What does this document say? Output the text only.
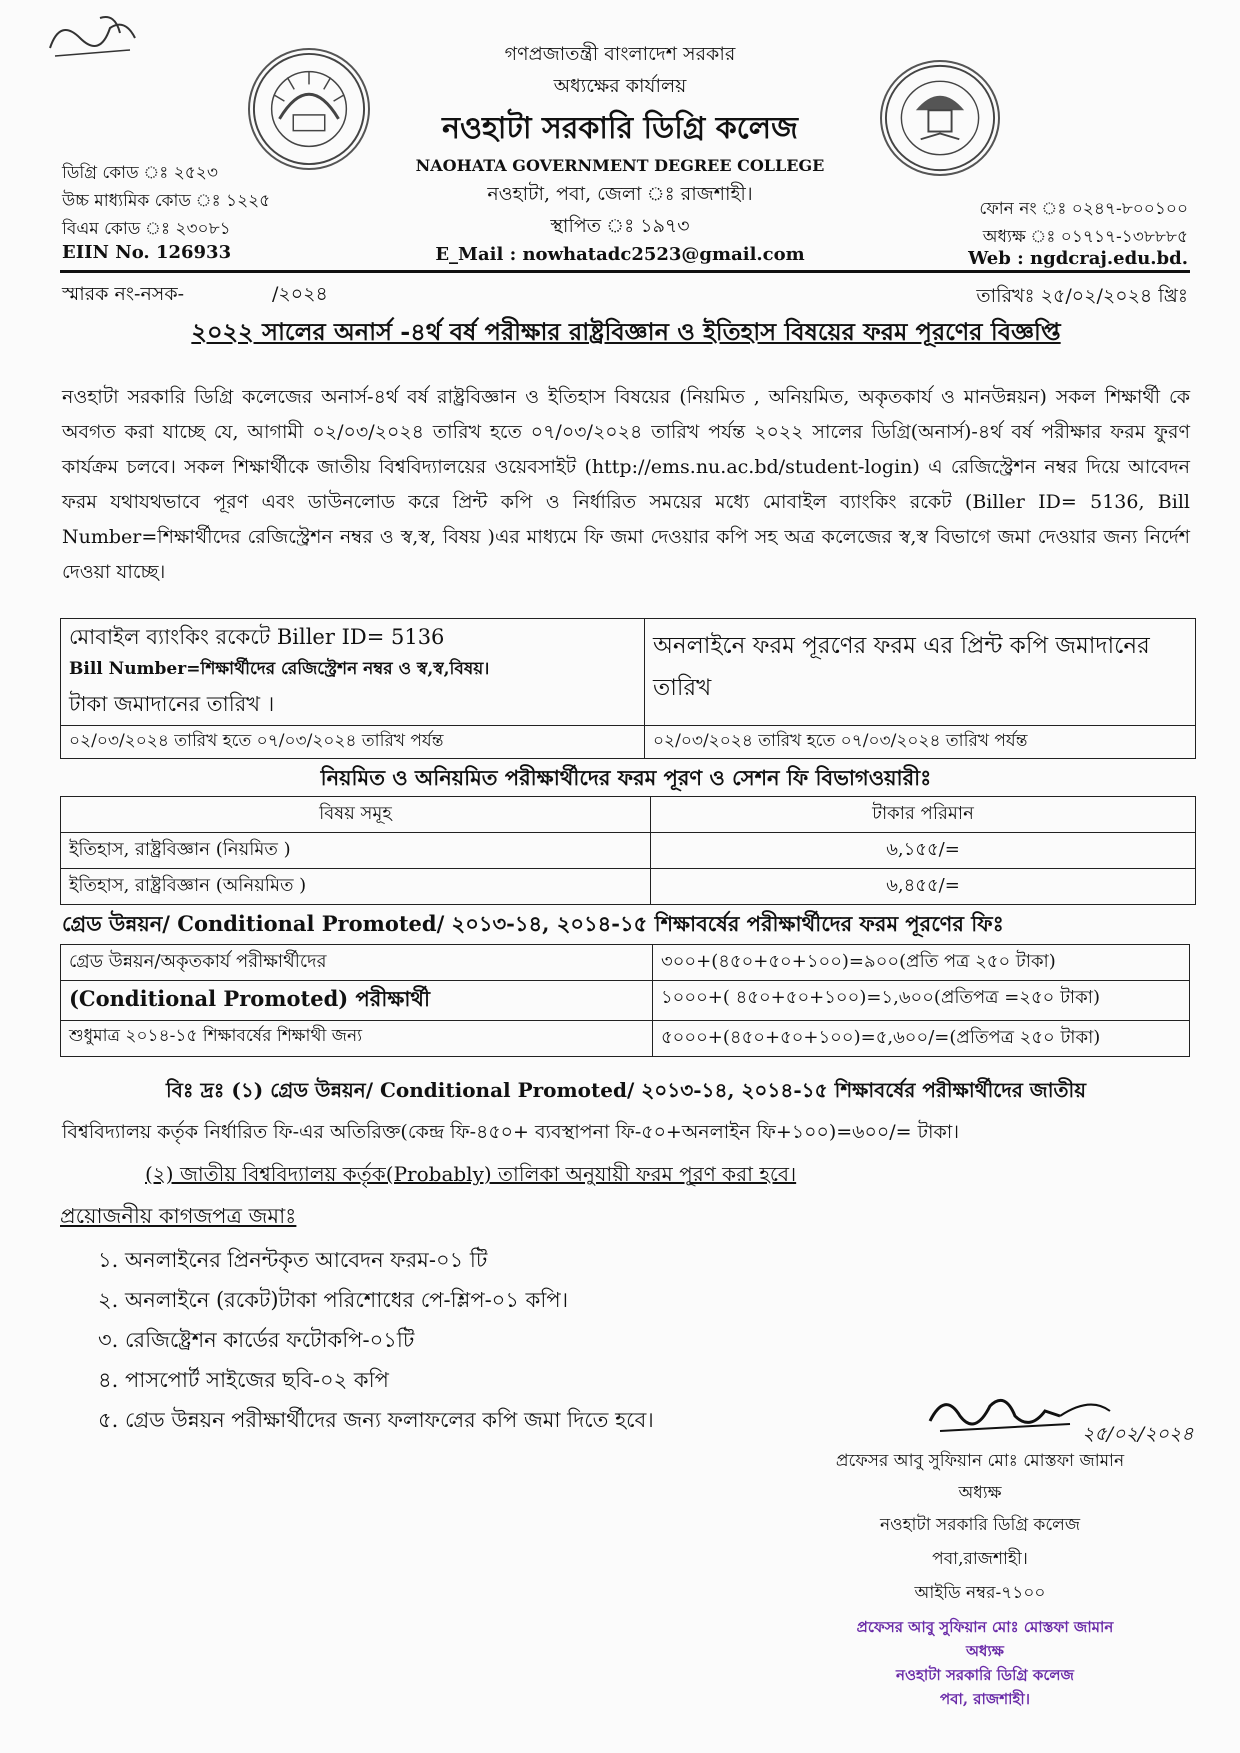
গণপ্রজাতন্ত্রী বাংলাদেশ সরকার
অধ্যক্ষের কার্যালয়
নওহাটা সরকারি ডিগ্রি কলেজ
NAOHATA GOVERNMENT DEGREE COLLEGE
নওহাটা, পবা, জেলা ঃ রাজশাহী।
স্থাপিত ঃ ১৯৭৩
E_Mail : nowhatadc2523@gmail.com
ডিগ্রি কোড ঃ ২৫২৩
উচ্চ মাধ্যমিক কোড ঃ ১২২৫
বিএম কোড ঃ ২৩০৮১
EIIN No. 126933
ফোন নং ঃ ০২৪৭-৮০০১০০
অধ্যক্ষ ঃ ০১৭১৭-১৩৮৮৮৫
Web : ngdcraj.edu.bd.
স্মারক নং-নসক-	/২০২৪	তারিখঃ ২৫/০২/২০২৪ খ্রিঃ
২০২২ সালের অনার্স -৪র্থ বর্ষ পরীক্ষার রাষ্ট্রবিজ্ঞান ও ইতিহাস বিষয়ের ফরম পূরণের বিজ্ঞপ্তি
নওহাটা সরকারি ডিগ্রি কলেজের অনার্স-৪র্থ বর্ষ রাষ্ট্রবিজ্ঞান ও ইতিহাস বিষয়ের (নিয়মিত , অনিয়মিত, অকৃতকার্য ও মানউন্নয়ন) সকল শিক্ষার্থী কে অবগত করা যাচ্ছে যে, আগামী ০২/০৩/২০২৪ তারিখ হতে ০৭/০৩/২০২৪ তারিখ পর্যন্ত ২০২২ সালের ডিগ্রি(অনার্স)-৪র্থ বর্ষ পরীক্ষার ফরম ফুরণ কার্যক্রম চলবে। সকল শিক্ষার্থীকে জাতীয় বিশ্ববিদ্যালয়ের ওয়েবসাইট (http://ems.nu.ac.bd/student-login) এ রেজিস্ট্রেশন নম্বর দিয়ে আবেদন ফরম যথাযথভাবে পূরণ এবং ডাউনলোড করে প্রিন্ট কপি ও নির্ধারিত সময়ের মধ্যে মোবাইল ব্যাংকিং রকেট (Biller ID= 5136, Bill Number=শিক্ষার্থীদের রেজিস্ট্রেশন নম্বর ও স্ব,স্ব, বিষয় )এর মাধ্যমে ফি জমা দেওয়ার কপি সহ অত্র কলেজের স্ব,স্ব বিভাগে জমা দেওয়ার জন্য নির্দেশ দেওয়া যাচ্ছে।
মোবাইল ব্যাংকিং রকেটে Biller ID= 5136
Bill Number=শিক্ষার্থীদের রেজিস্ট্রেশন নম্বর ও স্ব,স্ব,বিষয়।
টাকা জমাদানের তারিখ ।	অনলাইনে ফরম পূরণের ফরম এর প্রিন্ট কপি জমাদানের তারিখ
০২/০৩/২০২৪ তারিখ হতে ০৭/০৩/২০২৪ তারিখ পর্যন্ত	০২/০৩/২০২৪ তারিখ হতে ০৭/০৩/২০২৪ তারিখ পর্যন্ত
নিয়মিত ও অনিয়মিত পরীক্ষার্থীদের ফরম পূরণ ও সেশন ফি বিভাগওয়ারীঃ
বিষয় সমূহ	টাকার পরিমান
ইতিহাস, রাষ্ট্রবিজ্ঞান (নিয়মিত )	৬,১৫৫/=
ইতিহাস, রাষ্ট্রবিজ্ঞান (অনিয়মিত )	৬,৪৫৫/=
গ্রেড উন্নয়ন/ Conditional Promoted/ ২০১৩-১৪, ২০১৪-১৫ শিক্ষাবর্ষের পরীক্ষার্থীদের ফরম পূরণের ফিঃ
গ্রেড উন্নয়ন/অকৃতকার্য পরীক্ষার্থীদের	৩০০+(৪৫০+৫০+১০০)=৯০০(প্রতি পত্র ২৫০ টাকা)
(Conditional Promoted) পরীক্ষার্থী	১০০০+( ৪৫০+৫০+১০০)=১,৬০০(প্রতিপত্র =২৫০ টাকা)
শুধুমাত্র ২০১৪-১৫ শিক্ষাবর্ষের শিক্ষাথী জন্য	৫০০০+(৪৫০+৫০+১০০)=৫,৬০০/=(প্রতিপত্র ২৫০ টাকা)
বিঃ দ্রঃ (১) গ্রেড উন্নয়ন/ Conditional Promoted/ ২০১৩-১৪, ২০১৪-১৫ শিক্ষাবর্ষের পরীক্ষার্থীদের জাতীয়
বিশ্ববিদ্যালয় কর্তৃক নির্ধারিত ফি-এর অতিরিক্ত(কেন্দ্র ফি-৪৫০+ ব্যবস্থাপনা ফি-৫০+অনলাইন ফি+১০০)=৬০০/= টাকা।
(২) জাতীয় বিশ্ববিদ্যালয় কর্তৃক(Probably) তালিকা অনুযায়ী ফরম পূরণ করা হবে।
প্রয়োজনীয় কাগজপত্র জমাঃ
১. অনলাইনের প্রিনন্টকৃত আবেদন ফরম-০১ টি
২. অনলাইনে (রকেট)টাকা পরিশোধের পে-শ্লিপ-০১ কপি।
৩. রেজিষ্ট্রেশন কার্ডের ফটোকপি-০১টি
৪. পাসপোর্ট সাইজের ছবি-০২ কপি
৫. গ্রেড উন্নয়ন পরীক্ষার্থীদের জন্য ফলাফলের কপি জমা দিতে হবে।
২৫/০২/২০২৪
প্রফেসর আবু সুফিয়ান মোঃ মোস্তফা জামান
অধ্যক্ষ
নওহাটা সরকারি ডিগ্রি কলেজ
পবা,রাজশাহী।
আইডি নম্বর-৭১০০
প্রফেসর আবু সুফিয়ান মোঃ মোস্তফা জামান
অধ্যক্ষ
নওহাটা সরকারি ডিগ্রি কলেজ
পবা, রাজশাহী।
